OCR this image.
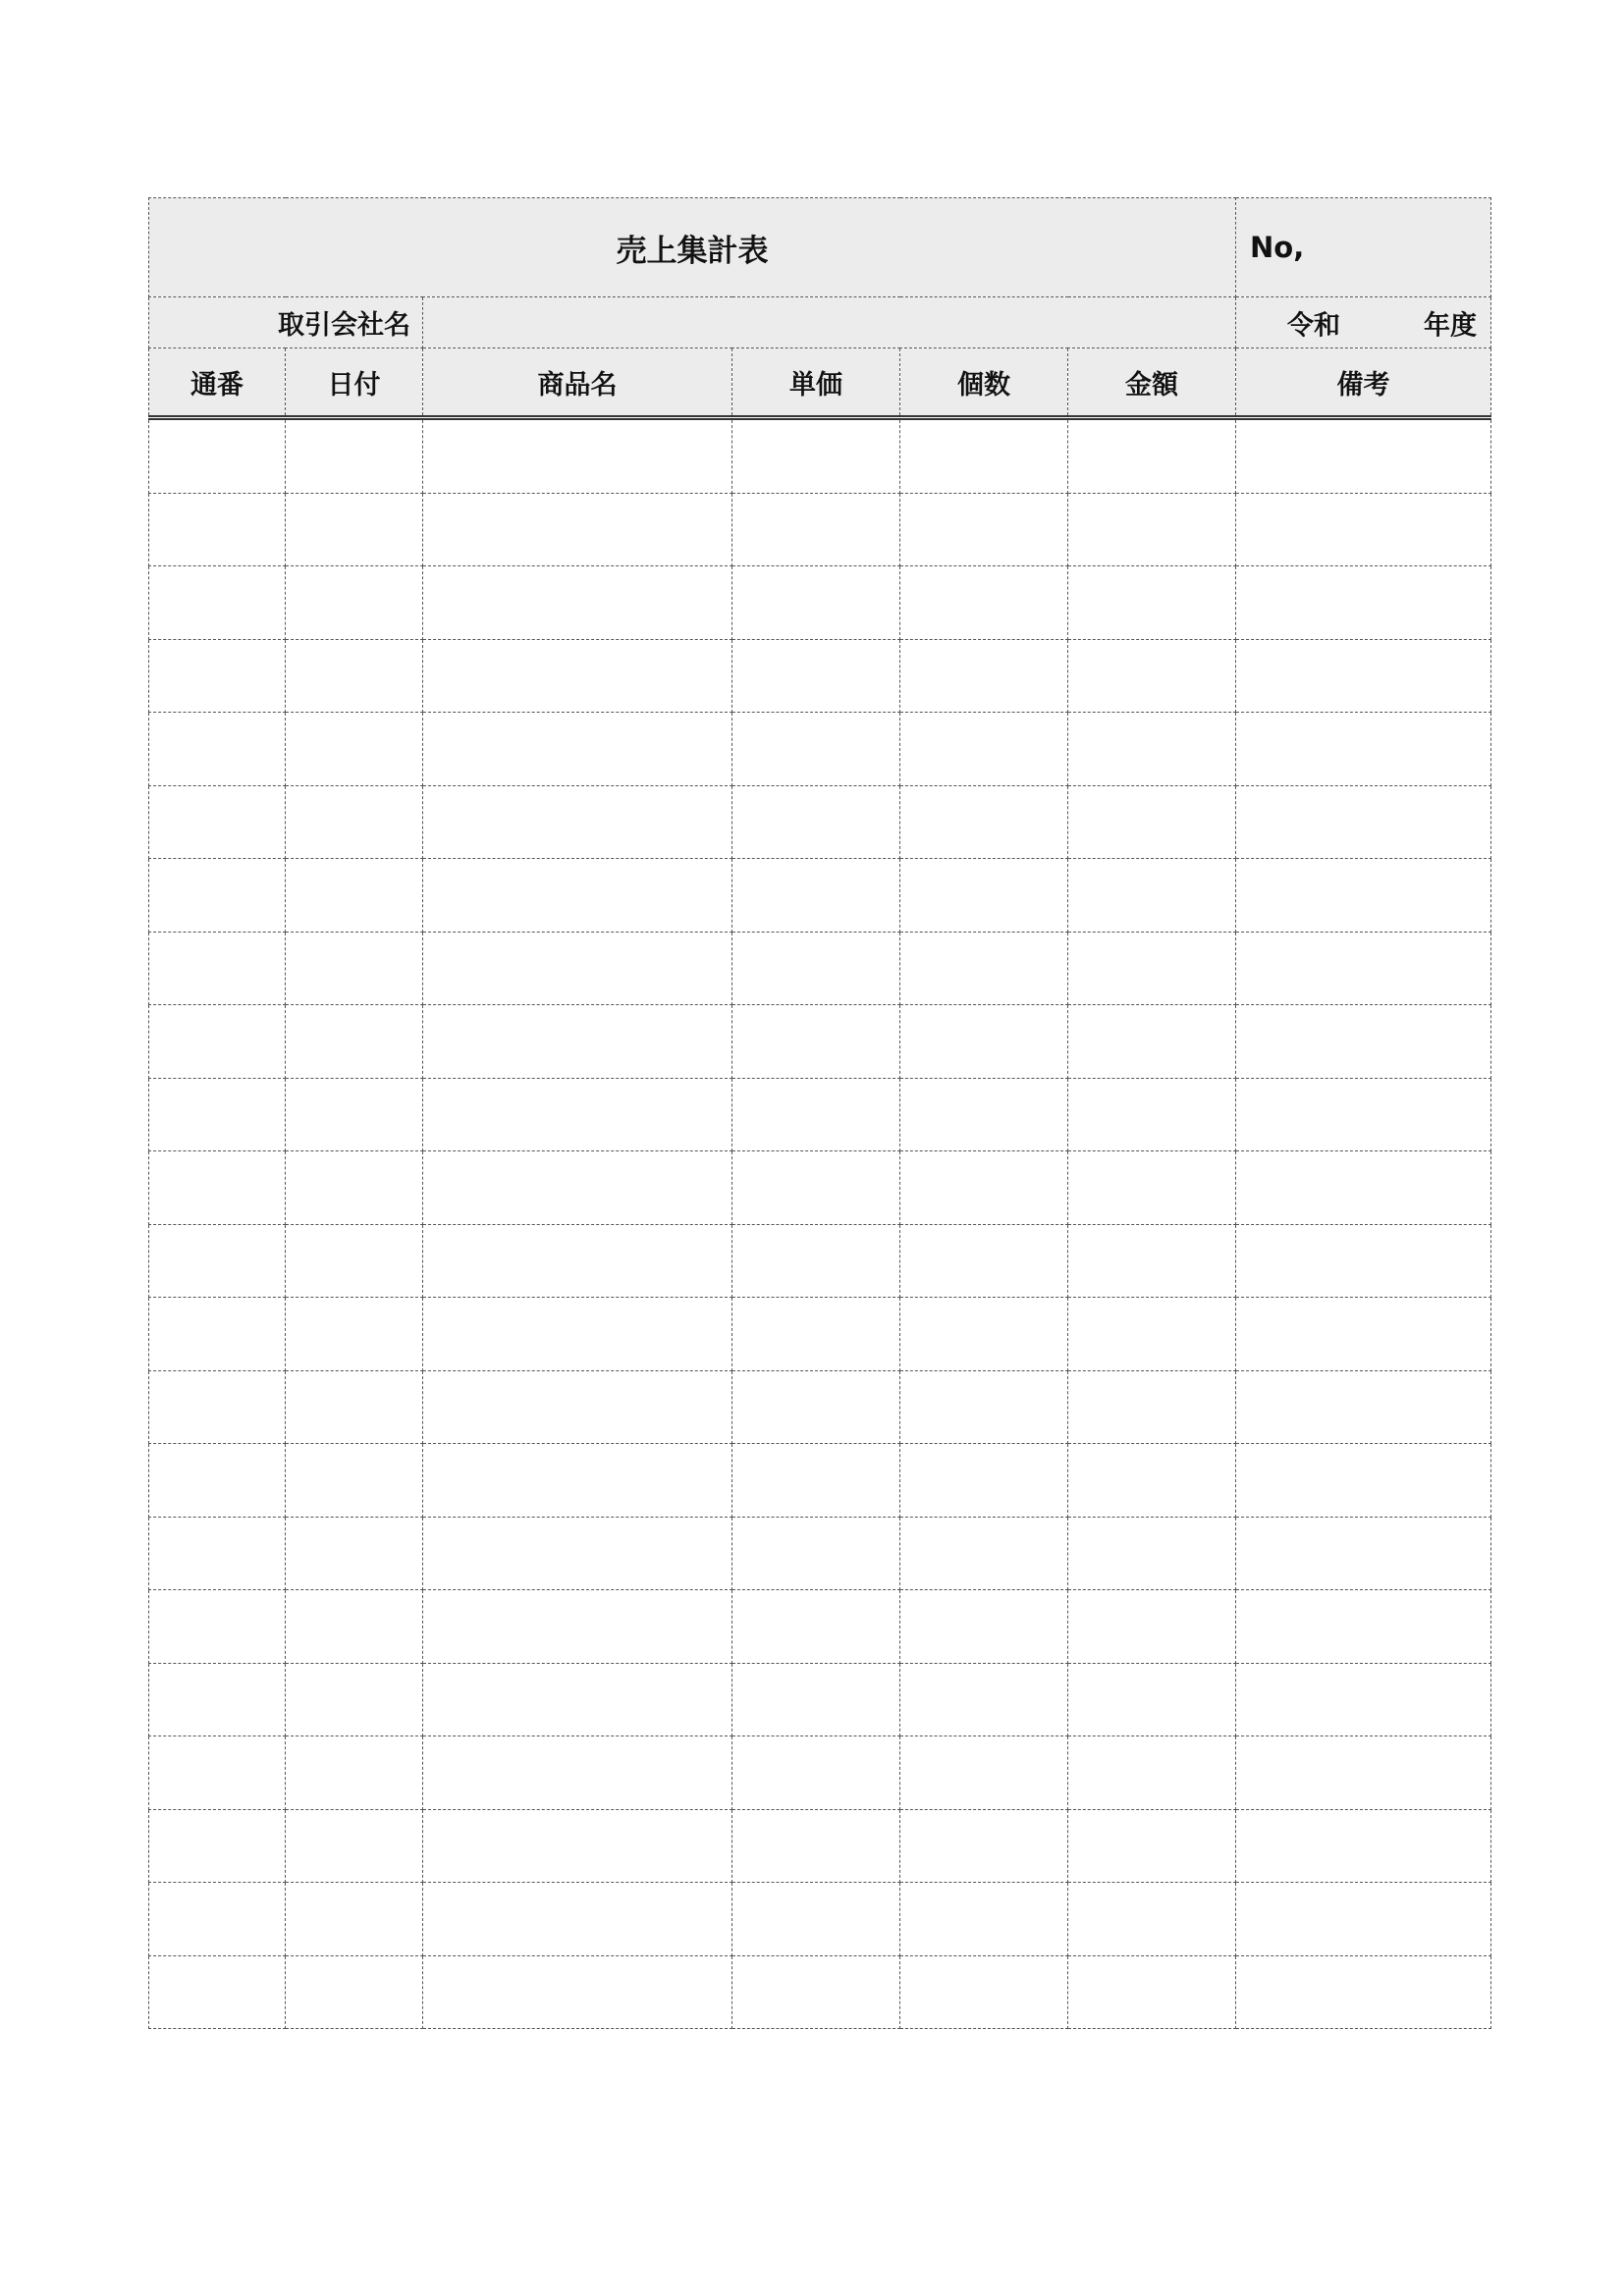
売上集計表						No,
取引会社名						令和 年度

通番	日付	商品名	単価	個数	金額	備考
